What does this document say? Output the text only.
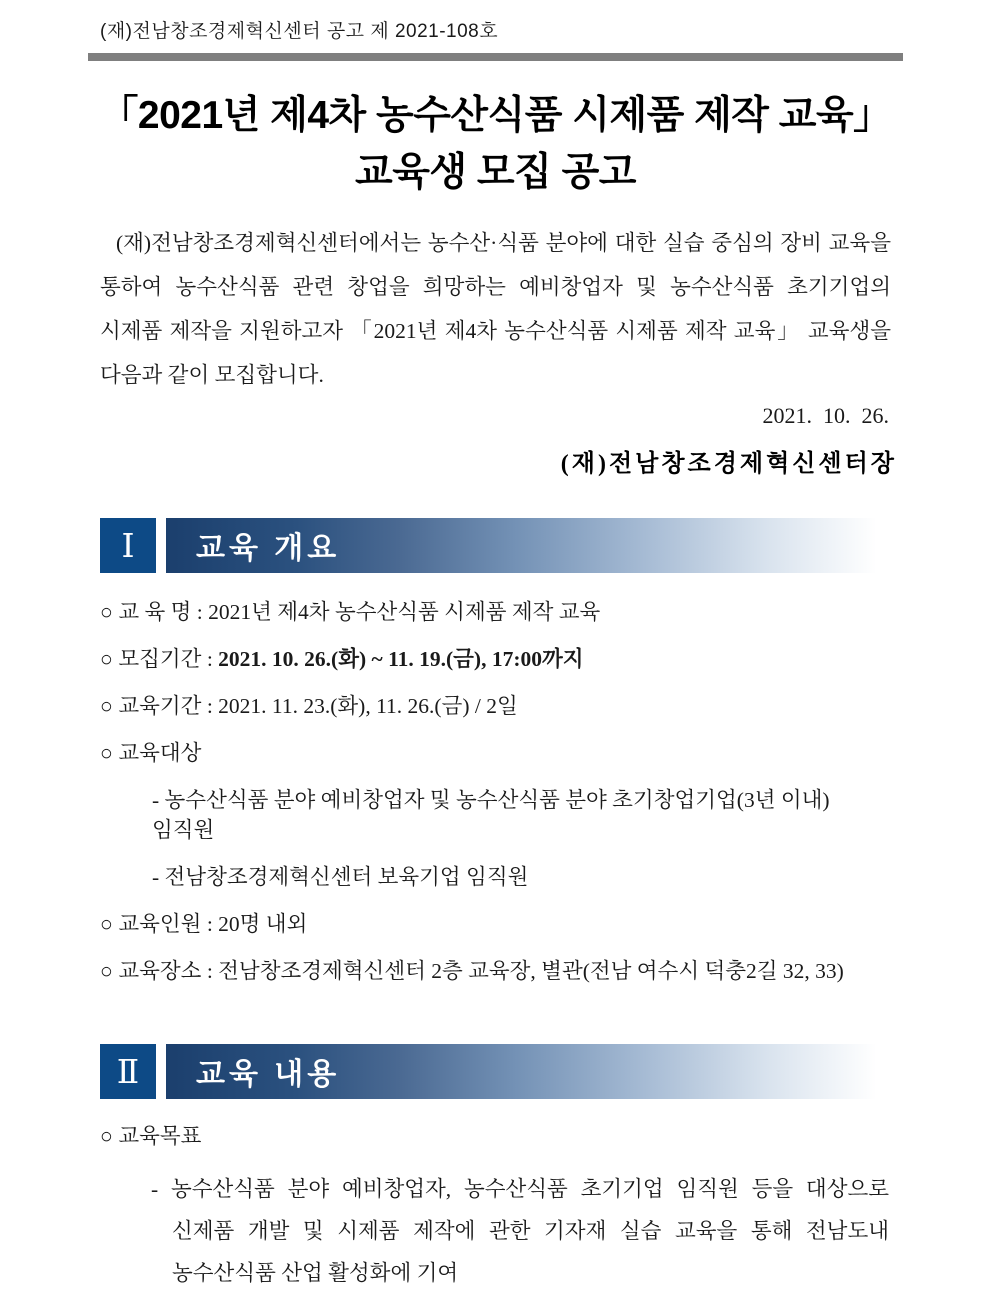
(재)전남창조경제혁신센터 공고 제 2021-108호
「2021년 제4차 농수산식품 시제품 제작 교육」
교육생 모집 공고

(재)전남창조경제혁신센터에서는 농수산·식품 분야에 대한 실습 중심의 장비 교육을 통하여 농수산식품 관련 창업을 희망하는 예비창업자 및 농수산식품 초기기업의 시제품 제작을 지원하고자 「2021년 제4차 농수산식품 시제품 제작 교육」 교육생을 다음과 같이 모집합니다.

2021.  10.  26.
(재)전남창조경제혁신센터장
Ⅰ	교육 개요
○ 교 육 명 : 2021년 제4차 농수산식품 시제품 제작 교육
○ 모집기간 : 2021. 10. 26.(화) ~ 11. 19.(금), 17:00까지
○ 교육기간 : 2021. 11. 23.(화), 11. 26.(금) / 2일
○ 교육대상
- 농수산식품 분야 예비창업자 및 농수산식품 분야 초기창업기업(3년 이내) 임직원
- 전남창조경제혁신센터 보육기업 임직원
○ 교육인원 : 20명 내외
○ 교육장소 : 전남창조경제혁신센터 2층 교육장, 별관(전남 여수시 덕충2길 32, 33)
Ⅱ	교육 내용
○ 교육목표
- 농수산식품 분야 예비창업자, 농수산식품 초기기업 임직원 등을 대상으로 신제품 개발 및 시제품 제작에 관한 기자재 실습 교육을 통해 전남도내 농수산식품 산업 활성화에 기여
